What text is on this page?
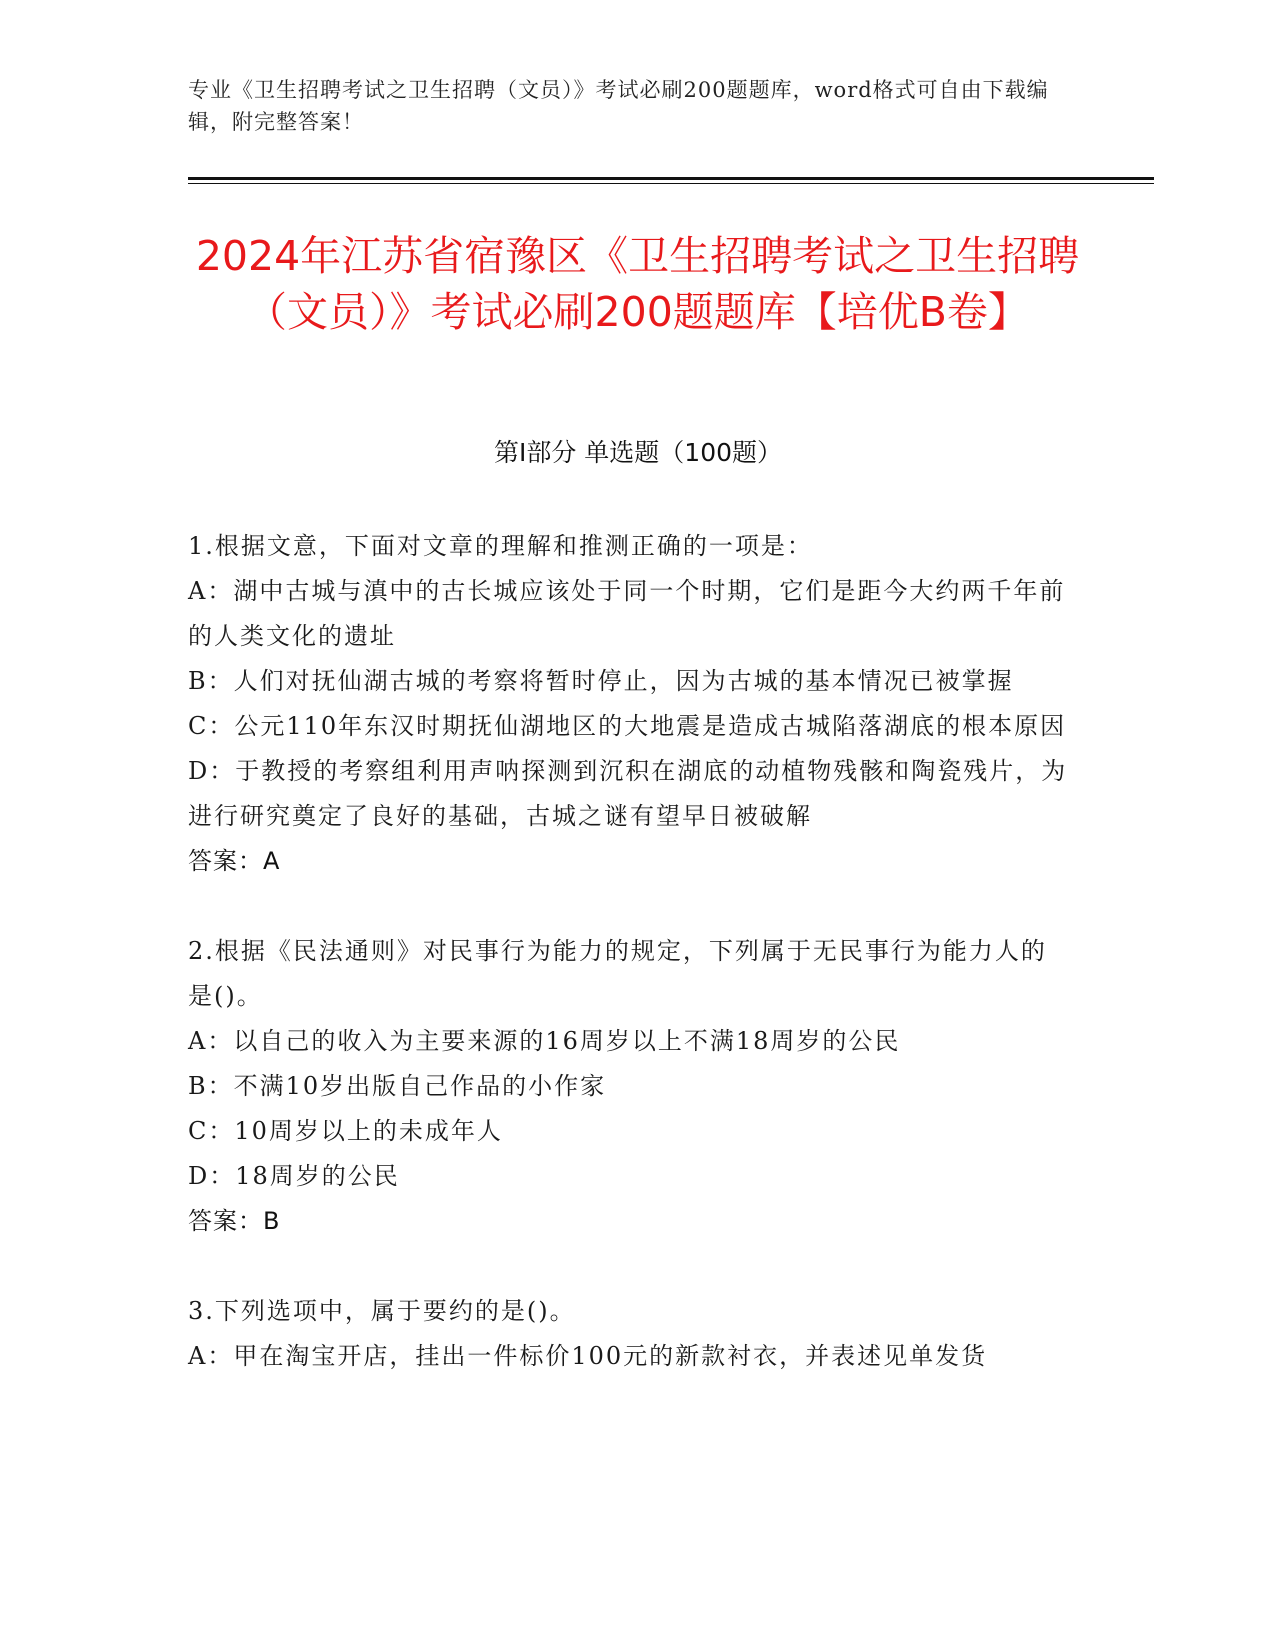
专业《卫生招聘考试之卫生招聘（文员）》考试必刷200题题库，word格式可自由下载编辑，附完整答案！
2024年江苏省宿豫区《卫生招聘考试之卫生招聘（文员）》考试必刷200题题库【培优B卷】
第I部分 单选题（100题）

1.根据文意，下面对文章的理解和推测正确的一项是：

A：湖中古城与滇中的古长城应该处于同一个时期，它们是距今大约两千年前的人类文化的遗址

B：人们对抚仙湖古城的考察将暂时停止，因为古城的基本情况已被掌握

C：公元110年东汉时期抚仙湖地区的大地震是造成古城陷落湖底的根本原因

D：于教授的考察组利用声呐探测到沉积在湖底的动植物残骸和陶瓷残片，为进行研究奠定了良好的基础，古城之谜有望早日被破解

答案：A

2.根据《民法通则》对民事行为能力的规定，下列属于无民事行为能力人的是()。

A：以自己的收入为主要来源的16周岁以上不满18周岁的公民

B：不满10岁出版自己作品的小作家

C：10周岁以上的未成年人

D：18周岁的公民

答案：B

3.下列选项中，属于要约的是()。

A：甲在淘宝开店，挂出一件标价100元的新款衬衣，并表述见单发货
